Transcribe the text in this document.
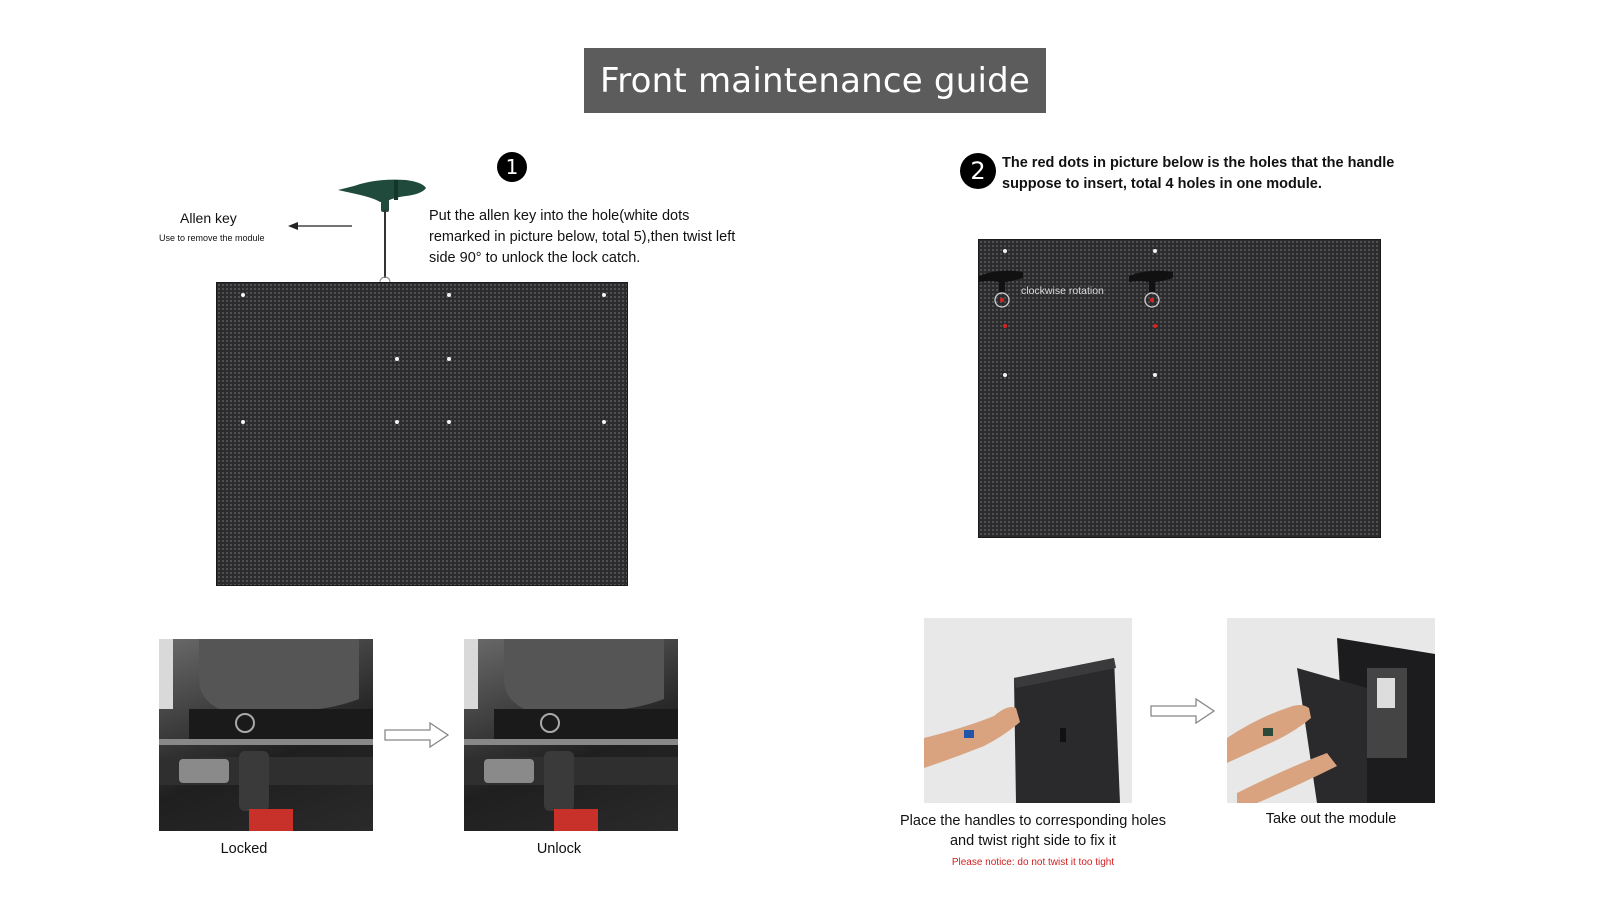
Front maintenance guide
1
Allen key
Use to remove the module
Put the allen key into the hole(white dots remarked in picture below, total 5),then twist left side 90° to unlock the lock catch.
Locked	Unlock
2 The red dots in picture below is the holes that the handle suppose to insert, total 4 holes in one module.
clockwise rotation
Place the handles to corresponding holes and twist right side to fix it
Please notice: do not twist it too tight
Take out the module
